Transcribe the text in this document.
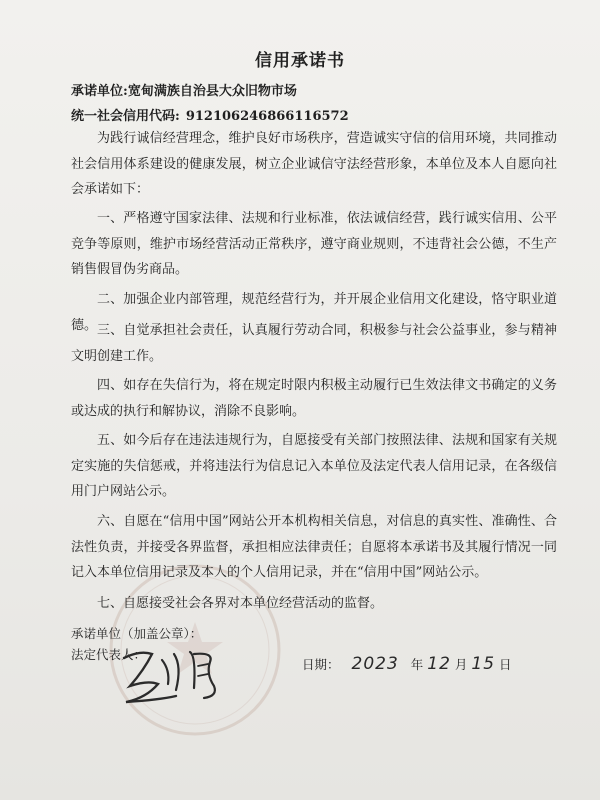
信用承诺书
承诺单位:宽甸满族自治县大众旧物市场
统一社会信用代码: 912106246866116572

为践行诚信经营理念，维护良好市场秩序，营造诚实守信的信用环境，共同推动社会信用体系建设的健康发展，树立企业诚信守法经营形象，本单位及本人自愿向社会承诺如下：

一、严格遵守国家法律、法规和行业标准，依法诚信经营，践行诚实信用、公平竞争等原则，维护市场经营活动正常秩序，遵守商业规则，不违背社会公德，不生产销售假冒伪劣商品。

二、加强企业内部管理，规范经营行为，并开展企业信用文化建设，恪守职业道德。 三、自觉承担社会责任，认真履行劳动合同，积极参与社会公益事业，参与精神文明创建工作。

四、如存在失信行为，将在规定时限内积极主动履行已生效法律文书确定的义务或达成的执行和解协议，消除不良影响。

五、如今后存在违法违规行为，自愿接受有关部门按照法律、法规和国家有关规定实施的失信惩戒，并将违法行为信息记入本单位及法定代表人信用记录，在各级信用门户网站公示。

六、自愿在“信用中国”网站公开本机构相关信息，对信息的真实性、准确性、合法性负责，并接受各界监督，承担相应法律责任；自愿将本承诺书及其履行情况一同记入本单位信用记录及本人的个人信用记录，并在“信用中国”网站公示。

七、自愿接受社会各界对本单位经营活动的监督。

承诺单位（加盖公章）：
法定代表人：
日期： 2023 年 12 月 15 日
